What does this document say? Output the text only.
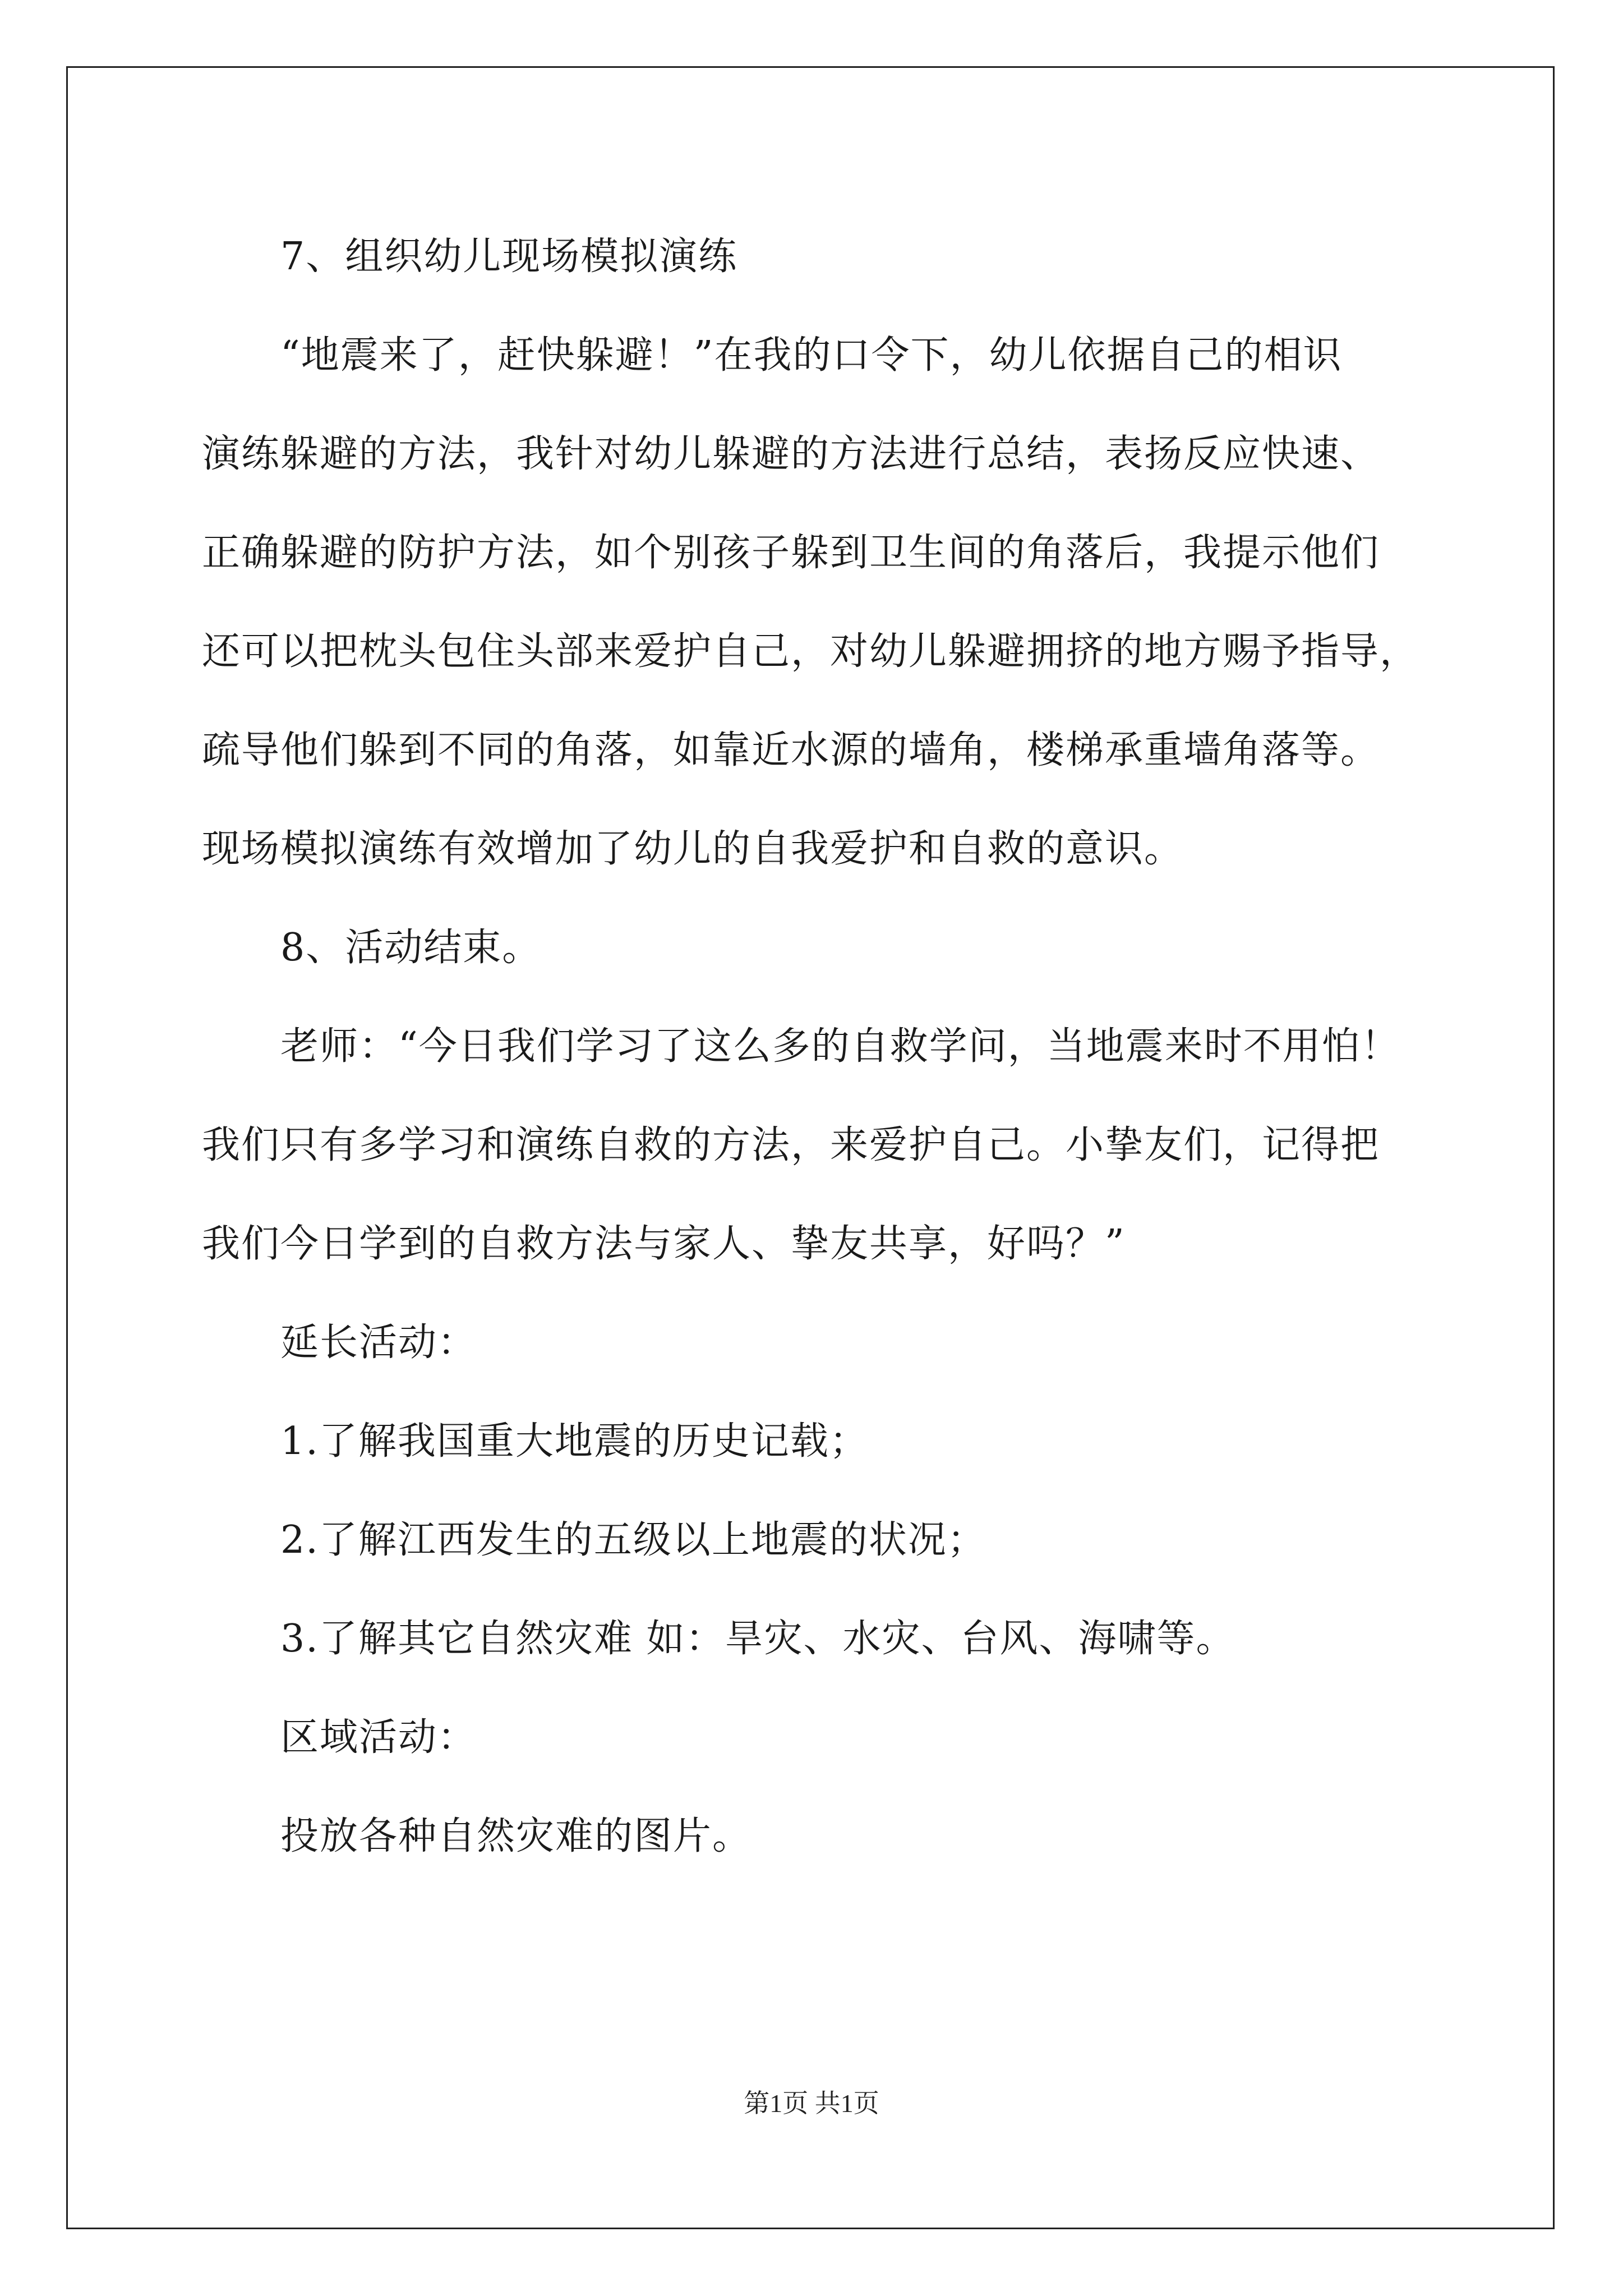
7、组织幼儿现场模拟演练

“地震来了，赶快躲避！”在我的口令下，幼儿依据自己的相识

演练躲避的方法，我针对幼儿躲避的方法进行总结，表扬反应快速、

正确躲避的防护方法，如个别孩子躲到卫生间的角落后，我提示他们

还可以把枕头包住头部来爱护自己，对幼儿躲避拥挤的地方赐予指导，

疏导他们躲到不同的角落，如靠近水源的墙角，楼梯承重墙角落等。

现场模拟演练有效增加了幼儿的自我爱护和自救的意识。

8、活动结束。

老师：“今日我们学习了这么多的自救学问，当地震来时不用怕！

我们只有多学习和演练自救的方法，来爱护自己。小挚友们，记得把

我们今日学到的自救方法与家人、挚友共享，好吗？”

延长活动：

1.了解我国重大地震的历史记载；

2.了解江西发生的五级以上地震的状况；

3.了解其它自然灾难 如：旱灾、水灾、台风、海啸等。

区域活动：

投放各种自然灾难的图片。

第1页 共1页
